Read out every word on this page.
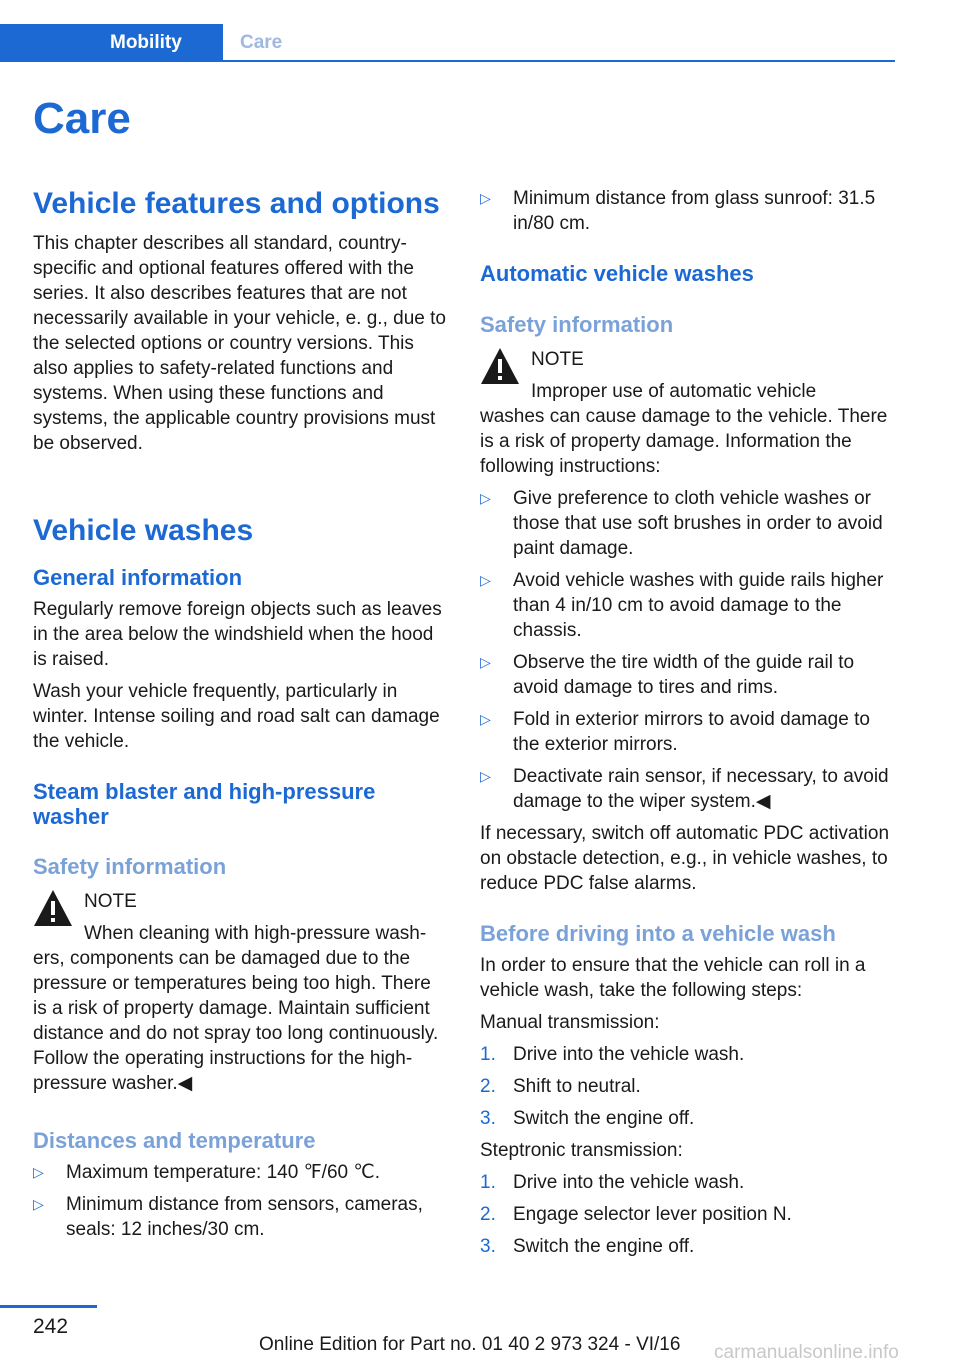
Mobility	Care
Care
Vehicle features and options

This chapter describes all standard, country-specific and optional features offered with the series. It also describes features that are not necessarily available in your vehicle, e. g., due to the selected options or country versions. This also applies to safety-related functions and systems. When using these functions and systems, the applicable country provisions must be observed.

Vehicle washes
General information

Regularly remove foreign objects such as leaves in the area below the windshield when the hood is raised.

Wash your vehicle frequently, particularly in winter. Intense soiling and road salt can damage the vehicle.

Steam blaster and high-pressure washer
Safety information
NOTE
When cleaning with high-pressure wash-
ers, components can be damaged due to the pressure or temperatures being too high. There is a risk of property damage. Maintain sufficient distance and do not spray too long continuously. Follow the operating instructions for the high-pressure washer.◀
Distances and temperature
▷ Maximum temperature: 140 ℉/60 ℃.
▷ Minimum distance from sensors, cameras, seals: 12 inches/30 cm.
▷ Minimum distance from glass sunroof: 31.5 in/80 cm.
Automatic vehicle washes
Safety information
NOTE
Improper use of automatic vehicle
washes can cause damage to the vehicle. There is a risk of property damage. Information the following instructions:
▷ Give preference to cloth vehicle washes or those that use soft brushes in order to avoid paint damage.
▷ Avoid vehicle washes with guide rails higher than 4 in/10 cm to avoid damage to the chassis.
▷ Observe the tire width of the guide rail to avoid damage to tires and rims.
▷ Fold in exterior mirrors to avoid damage to the exterior mirrors.
▷ Deactivate rain sensor, if necessary, to avoid damage to the wiper system.◀

If necessary, switch off automatic PDC activation on obstacle detection, e.g., in vehicle washes, to reduce PDC false alarms.

Before driving into a vehicle wash

In order to ensure that the vehicle can roll in a vehicle wash, take the following steps:

Manual transmission:

1. Drive into the vehicle wash.
2. Shift to neutral.
3. Switch the engine off.

Steptronic transmission:

1. Drive into the vehicle wash.
2. Engage selector lever position N.
3. Switch the engine off.
242
Online Edition for Part no. 01 40 2 973 324 - VI/16 carmanualsonline.info
